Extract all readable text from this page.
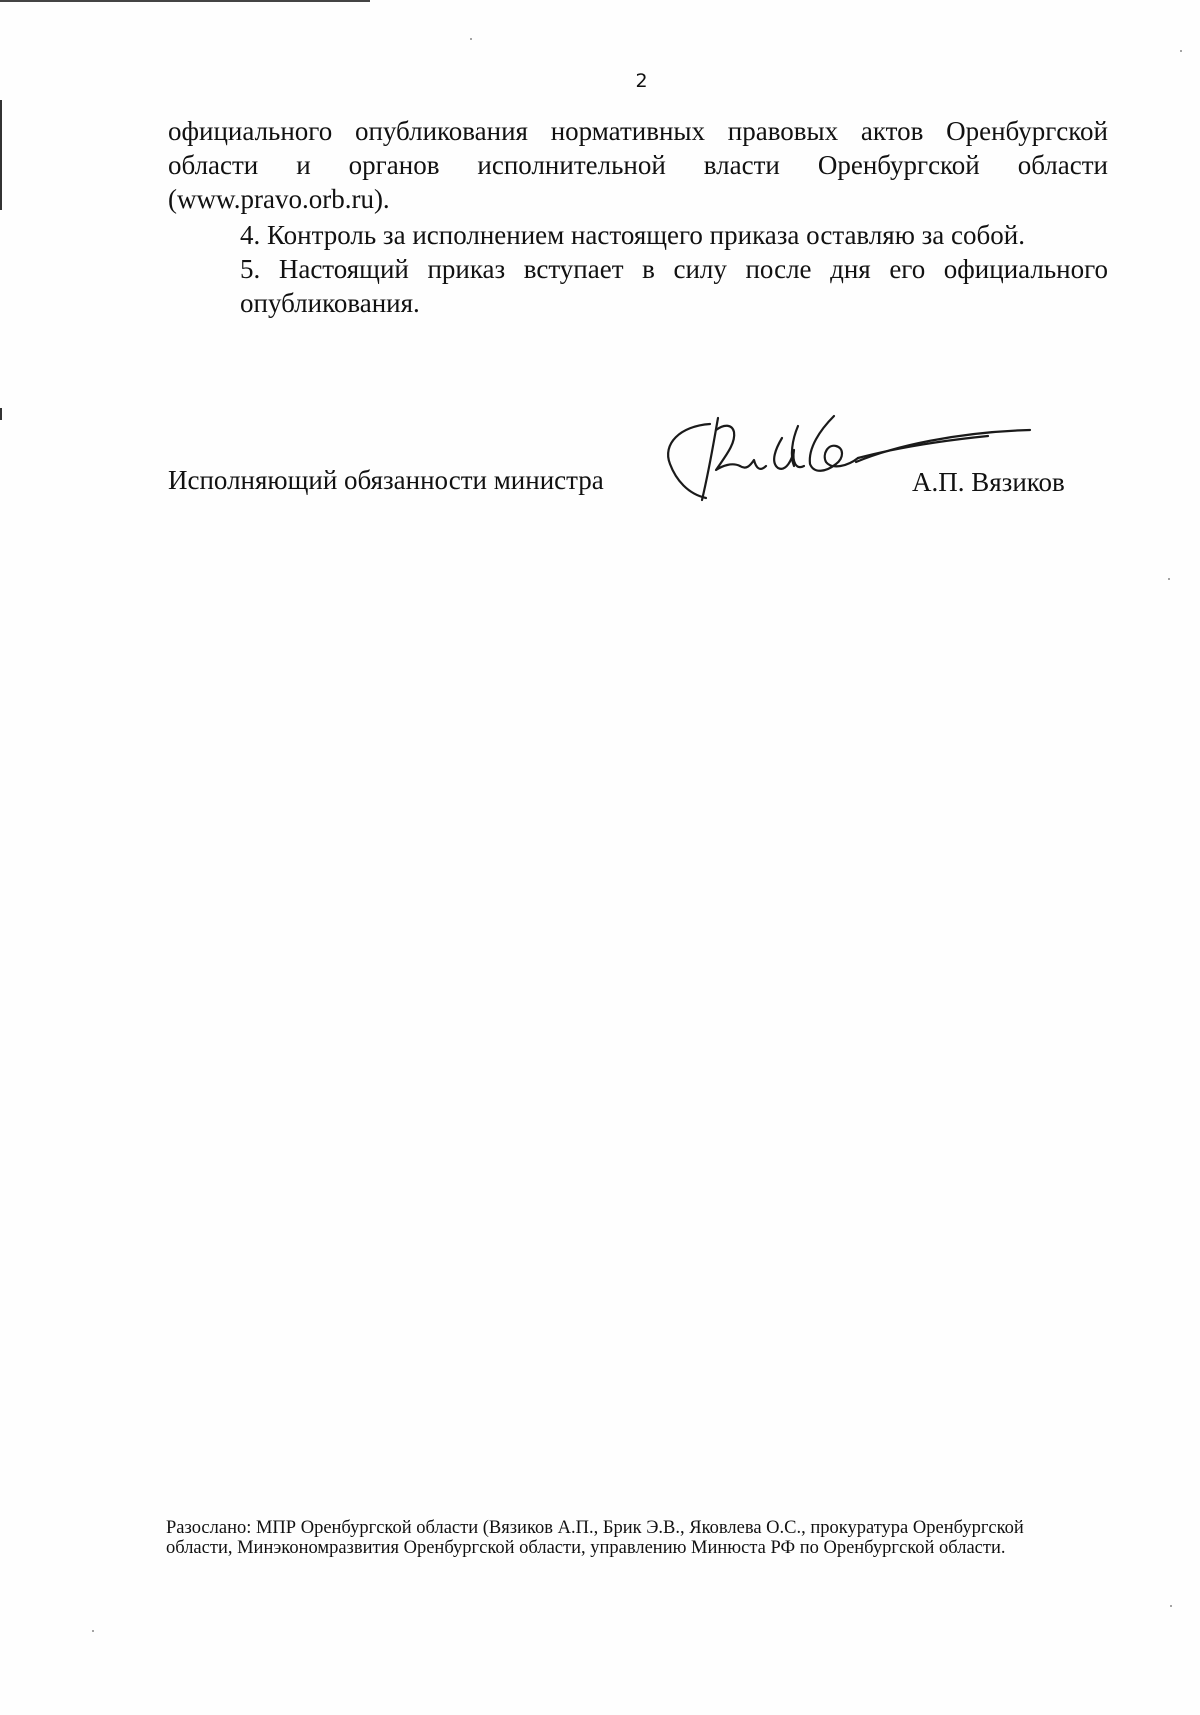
2
официального опубликования нормативных правовых актов Оренбургской
области и органов исполнительной власти Оренбургской области
(www.pravo.orb.ru).
4. Контроль за исполнением настоящего приказа оставляю за собой.
5. Настоящий приказ вступает в силу после дня его официального
опубликования.
Исполняющий обязанности министра	А.П. Вязиков
Разослано: МПР Оренбургской области (Вязиков А.П., Брик Э.В., Яковлева О.С., прокуратура Оренбургской
области, Минэкономразвития Оренбургской области, управлению Минюста РФ по Оренбургской области.
